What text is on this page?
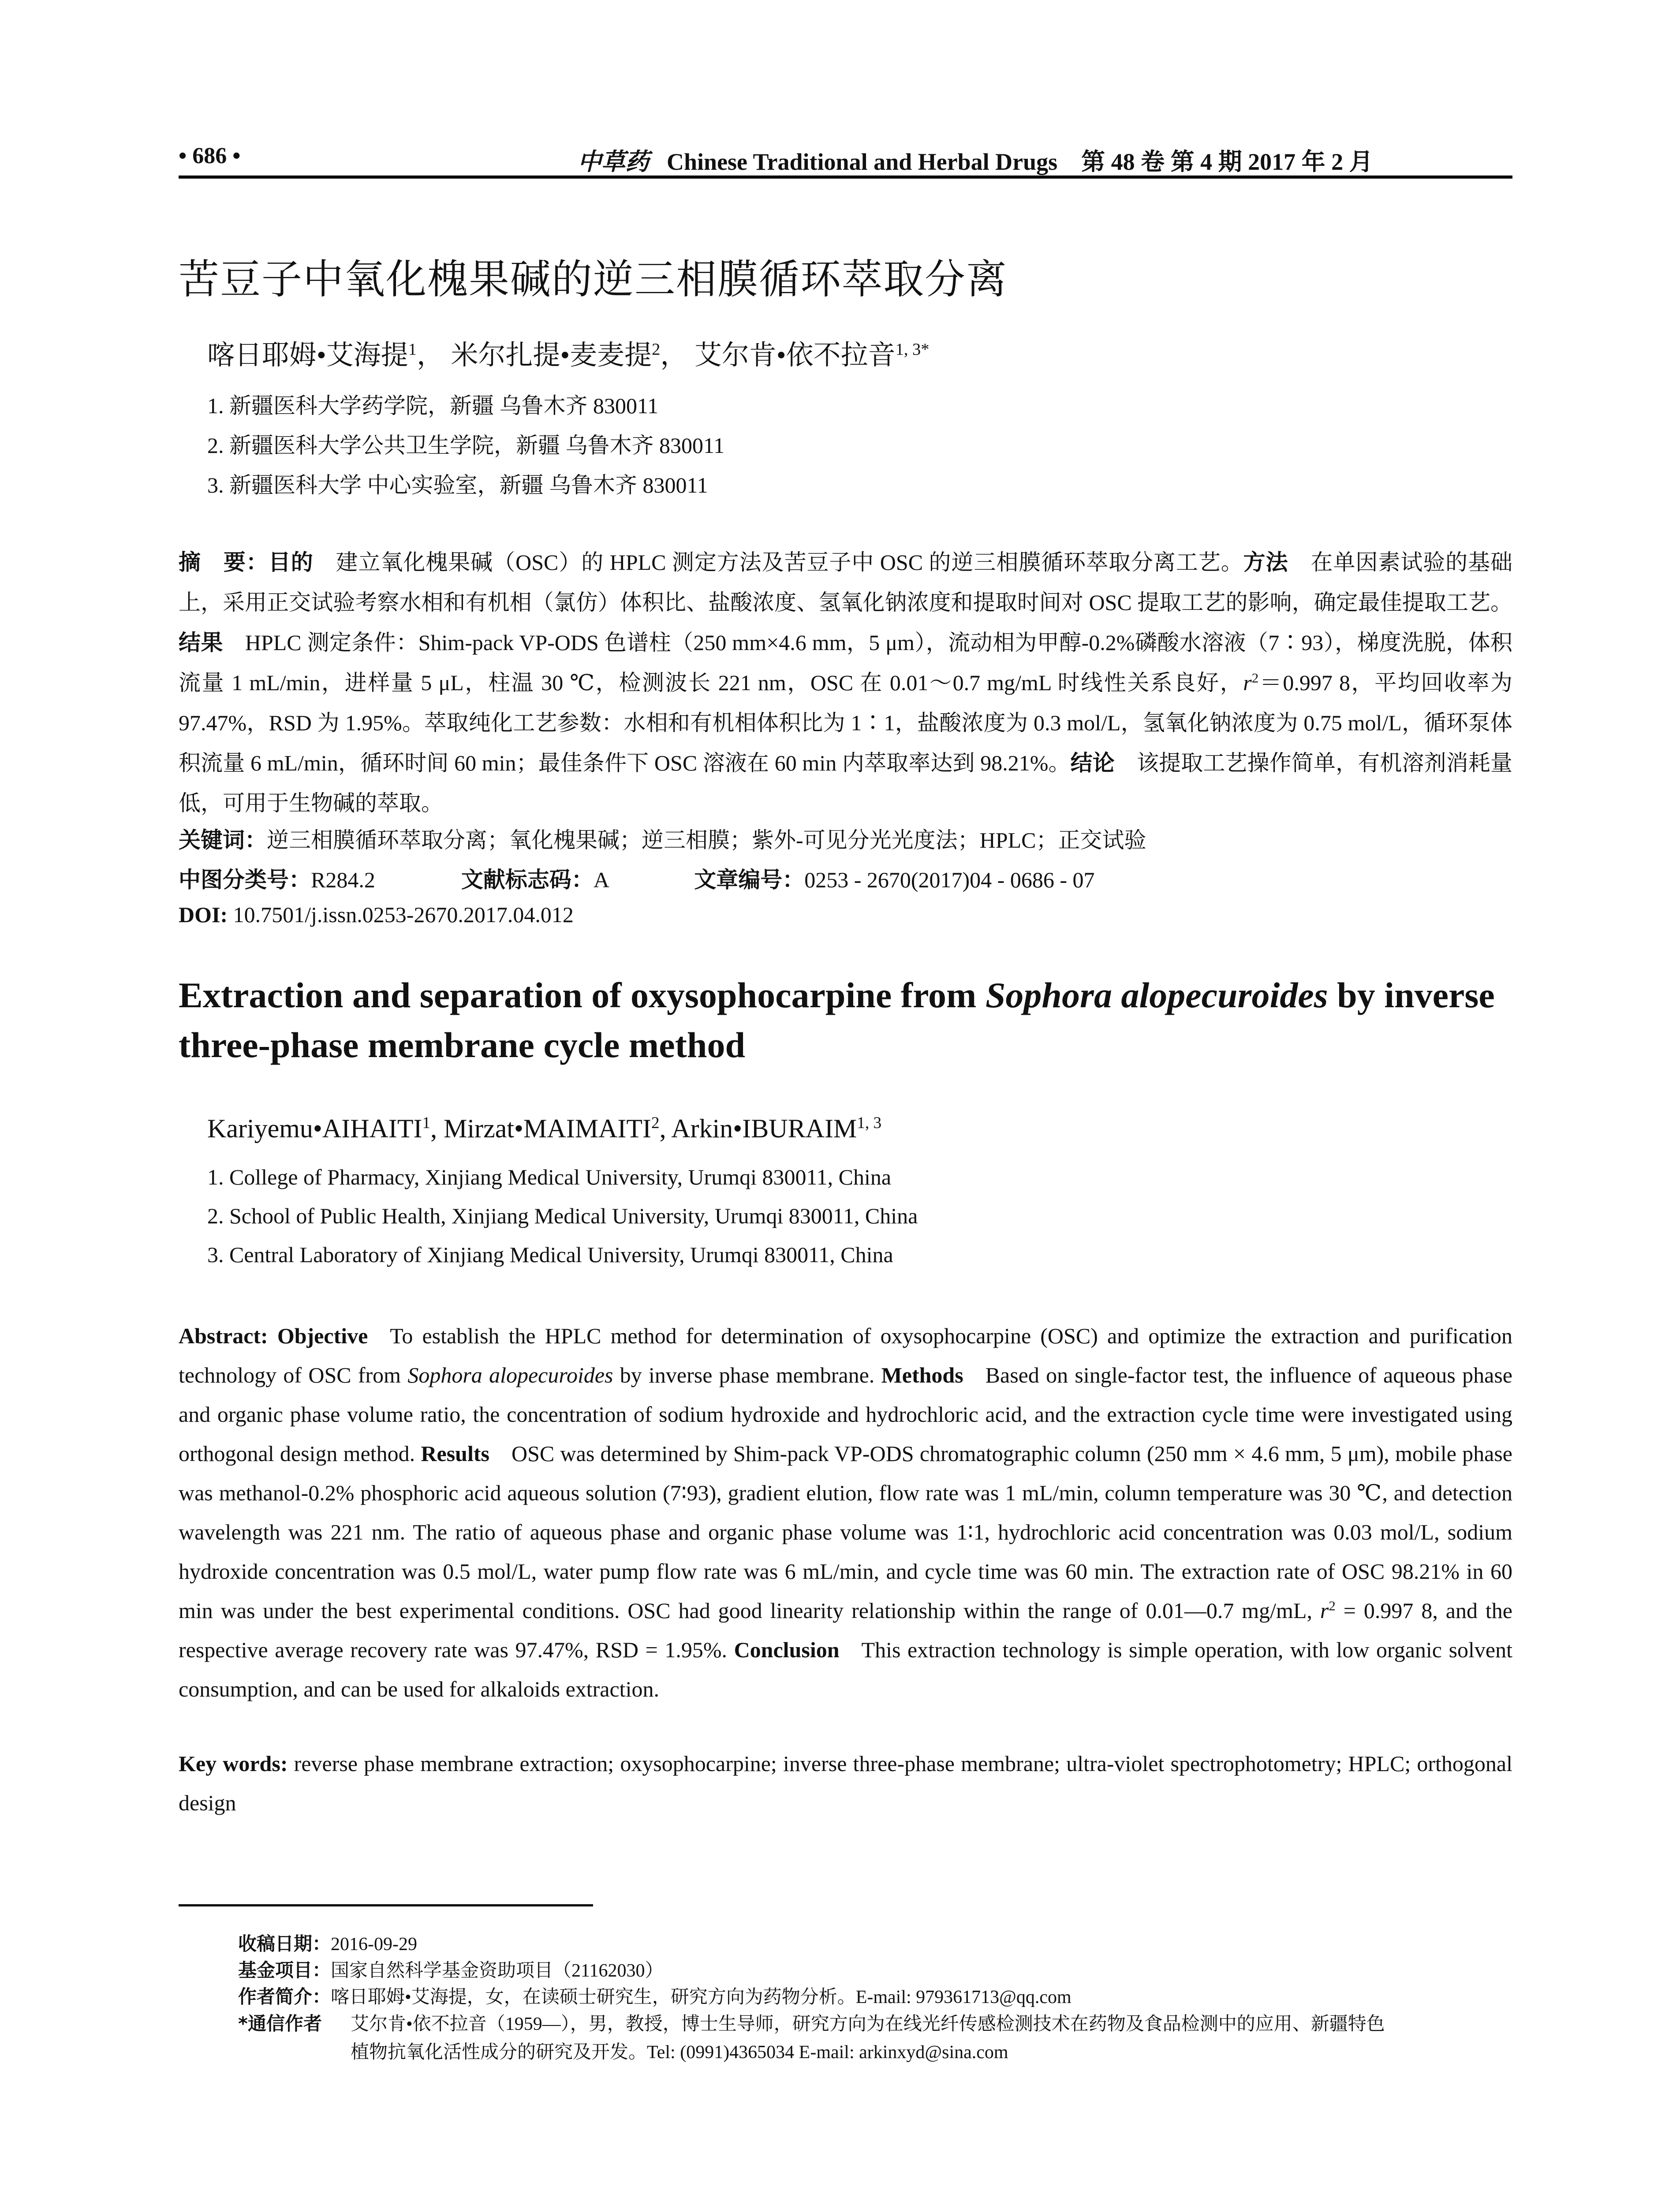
• 686 •	中草药 Chinese Traditional and Herbal Drugs　第 48 卷 第 4 期 2017 年 2 月
苦豆子中氧化槐果碱的逆三相膜循环萃取分离
喀日耶姆•艾海提$^1$， 米尔扎提•麦麦提$^2$， 艾尔肯•依不拉音$^{1, 3*}$
1. 新疆医科大学药学院，新疆 乌鲁木齐 830011
2. 新疆医科大学公共卫生学院，新疆 乌鲁木齐 830011
3. 新疆医科大学 中心实验室，新疆 乌鲁木齐 830011
摘　要：目的 建立氧化槐果碱（OSC）的 HPLC 测定方法及苦豆子中 OSC 的逆三相膜循环萃取分离工艺。方法 在单因素试验的基础上，采用正交试验考察水相和有机相（氯仿）体积比、盐酸浓度、氢氧化钠浓度和提取时间对 OSC 提取工艺的影响，确定最佳提取工艺。结果 HPLC 测定条件：Shim-pack VP-ODS 色谱柱（250 mm×4.6 mm，5 μm），流动相为甲醇-0.2%磷酸水溶液（7∶93），梯度洗脱，体积流量 1 mL/min，进样量 5 μL，柱温 30 ℃，检测波长 221 nm，OSC 在 0.01～0.7 mg/mL 时线性关系良好，$r^2=0.997$ 8，平均回收率为 97.47%，RSD 为 1.95%。萃取纯化工艺参数：水相和有机相体积比为 1∶1，盐酸浓度为 0.3 mol/L，氢氧化钠浓度为 0.75 mol/L，循环泵体积流量 6 mL/min，循环时间 60 min；最佳条件下 OSC 溶液在 60 min 内萃取率达到 98.21%。结论 该提取工艺操作简单，有机溶剂消耗量低，可用于生物碱的萃取。
关键词：逆三相膜循环萃取分离；氧化槐果碱；逆三相膜；紫外-可见分光光度法；HPLC；正交试验
中图分类号：R284.2	文献标志码：A	文章编号：0253 - 2670(2017)04 - 0686 - 07
DOI: 10.7501/j.issn.0253-2670.2017.04.012
Extraction and separation of oxysophocarpine from Sophora alopecuroides by inverse three-phase membrane cycle method
Kariyemu•AIHAITI$^1$, Mirzat•MAIMAITI$^2$, Arkin•IBURAIM$^{1, 3}$
1. College of Pharmacy, Xinjiang Medical University, Urumqi 830011, China
2. School of Public Health, Xinjiang Medical University, Urumqi 830011, China
3. Central Laboratory of Xinjiang Medical University, Urumqi 830011, China
Abstract: Objective To establish the HPLC method for determination of oxysophocarpine (OSC) and optimize the extraction and purification technology of OSC from Sophora alopecuroides by inverse phase membrane. Methods Based on single-factor test, the influence of aqueous phase and organic phase volume ratio, the concentration of sodium hydroxide and hydrochloric acid, and the extraction cycle time were investigated using orthogonal design method. Results OSC was determined by Shim-pack VP-ODS chromatographic column (250 mm × 4.6 mm, 5 μm), mobile phase was methanol-0.2% phosphoric acid aqueous solution (7∶93), gradient elution, flow rate was 1 mL/min, column temperature was 30 ℃, and detection wavelength was 221 nm. The ratio of aqueous phase and organic phase volume was 1∶1, hydrochloric acid concentration was 0.03 mol/L, sodium hydroxide concentration was 0.5 mol/L, water pump flow rate was 6 mL/min, and cycle time was 60 min. The extraction rate of OSC 98.21% in 60 min was under the best experimental conditions. OSC had good linearity relationship within the range of 0.01—0.7 mg/mL, $r^2 = 0.997$ 8, and the respective average recovery rate was 97.47%, RSD = 1.95%. Conclusion This extraction technology is simple operation, with low organic solvent consumption, and can be used for alkaloids extraction.
Key words: reverse phase membrane extraction; oxysophocarpine; inverse three-phase membrane; ultra-violet spectrophotometry; HPLC; orthogonal design
收稿日期：2016-09-29
基金项目：国家自然科学基金资助项目（21162030）
作者简介：喀日耶姆•艾海提，女，在读硕士研究生，研究方向为药物分析。E-mail: 979361713@qq.com
*通信作者 艾尔肯•依不拉音（1959—），男，教授，博士生导师，研究方向为在线光纤传感检测技术在药物及食品检测中的应用、新疆特色
植物抗氧化活性成分的研究及开发。Tel: (0991)4365034 E-mail: arkinxyd@sina.com
